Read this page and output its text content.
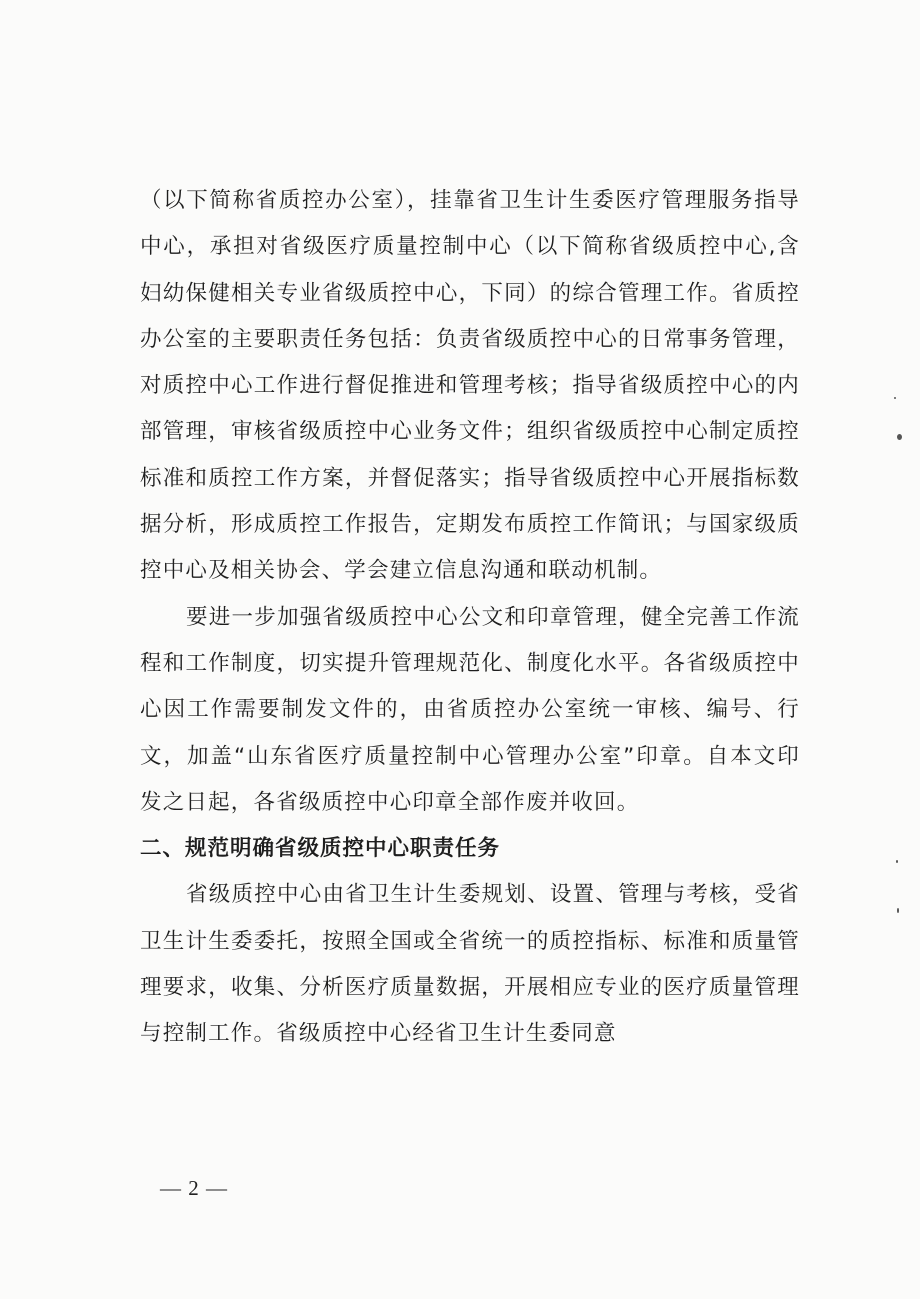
（以下简称省质控办公室），挂靠省卫生计生委医疗管理服务指导中心，承担对省级医疗质量控制中心（以下简称省级质控中心,含妇幼保健相关专业省级质控中心，下同）的综合管理工作。省质控办公室的主要职责任务包括：负责省级质控中心的日常事务管理，对质控中心工作进行督促推进和管理考核；指导省级质控中心的内部管理，审核省级质控中心业务文件；组织省级质控中心制定质控标准和质控工作方案，并督促落实；指导省级质控中心开展指标数据分析，形成质控工作报告，定期发布质控工作简讯；与国家级质控中心及相关协会、学会建立信息沟通和联动机制。

要进一步加强省级质控中心公文和印章管理，健全完善工作流程和工作制度，切实提升管理规范化、制度化水平。各省级质控中心因工作需要制发文件的，由省质控办公室统一审核、编号、行文，加盖“山东省医疗质量控制中心管理办公室”印章。自本文印发之日起，各省级质控中心印章全部作废并收回。

二、规范明确省级质控中心职责任务

省级质控中心由省卫生计生委规划、设置、管理与考核，受省卫生计生委委托，按照全国或全省统一的质控指标、标准和质量管理要求，收集、分析医疗质量数据，开展相应专业的医疗质量管理与控制工作。省级质控中心经省卫生计生委同意

— 2 —
